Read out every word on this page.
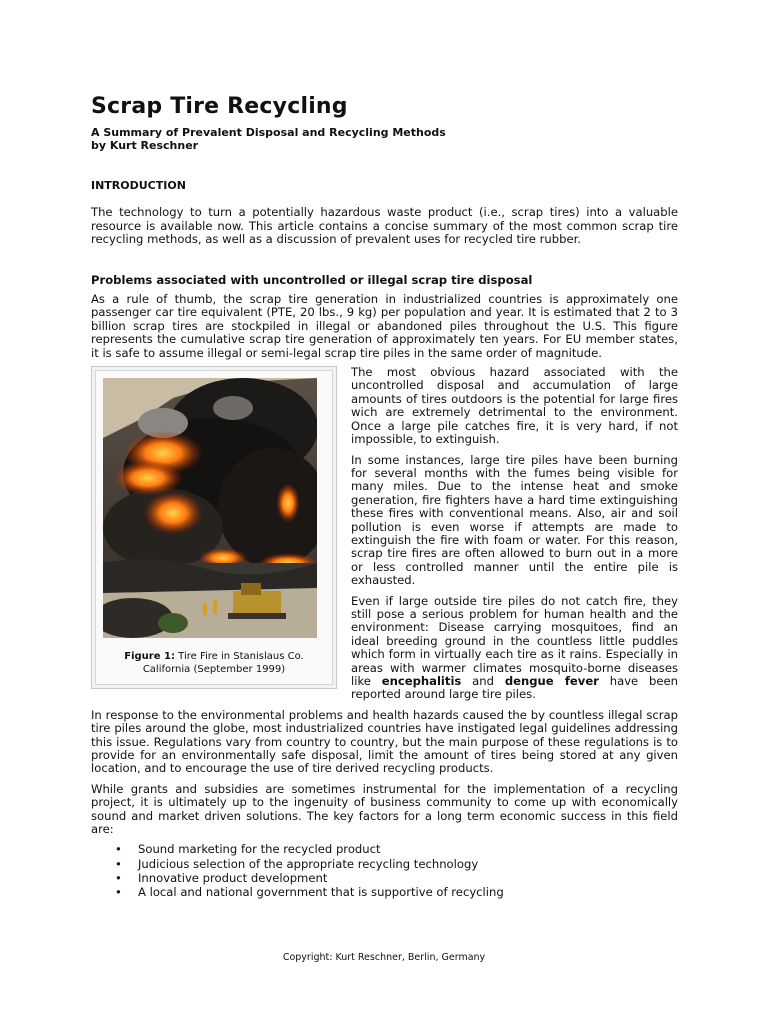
Scrap Tire Recycling
A Summary of Prevalent Disposal and Recycling Methods
by Kurt Reschner
INTRODUCTION

The technology to turn a potentially hazardous waste product (i.e., scrap tires) into a valuable resource is available now. This article contains a concise summary of the most common scrap tire recycling methods, as well as a discussion of prevalent uses for recycled tire rubber.

Problems associated with uncontrolled or illegal scrap tire disposal

As a rule of thumb, the scrap tire generation in industrialized countries is approximately one passenger car tire equivalent (PTE, 20 lbs., 9 kg) per population and year. It is estimated that 2 to 3 billion scrap tires are stockpiled in illegal or abandoned piles throughout the U.S. This figure represents the cumulative scrap tire generation of approximately ten years. For EU member states, it is safe to assume illegal or semi-legal scrap tire piles in the same order of magnitude.

Figure 1: Tire Fire in Stanislaus Co. California (September 1999)

The most obvious hazard associated with the uncontrolled disposal and accumulation of large amounts of tires outdoors is the potential for large fires wich are extremely detrimental to the environment. Once a large pile catches fire, it is very hard, if not impossible, to extinguish.

In some instances, large tire piles have been burning for several months with the fumes being visible for many miles. Due to the intense heat and smoke generation, fire fighters have a hard time extinguishing these fires with conventional means. Also, air and soil pollution is even worse if attempts are made to extinguish the fire with foam or water. For this reason, scrap tire fires are often allowed to burn out in a more or less controlled manner until the entire pile is exhausted.

Even if large outside tire piles do not catch fire, they still pose a serious problem for human health and the environment: Disease carrying mosquitoes, find an ideal breeding ground in the countless little puddles which form in virtually each tire as it rains. Especially in areas with warmer climates mosquito-borne diseases like encephalitis and dengue fever have been reported around large tire piles.

In response to the environmental problems and health hazards caused the by countless illegal scrap tire piles around the globe, most industrialized countries have instigated legal guidelines addressing this issue. Regulations vary from country to country, but the main purpose of these regulations is to provide for an environmentally safe disposal, limit the amount of tires being stored at any given location, and to encourage the use of tire derived recycling products.

While grants and subsidies are sometimes instrumental for the implementation of a recycling project, it is ultimately up to the ingenuity of business community to come up with economically sound and market driven solutions. The key factors for a long term economic success in this field are:

• Sound marketing for the recycled product
• Judicious selection of the appropriate recycling technology
• Innovative product development
• A local and national government that is supportive of recycling
Copyright: Kurt Reschner, Berlin, Germany
